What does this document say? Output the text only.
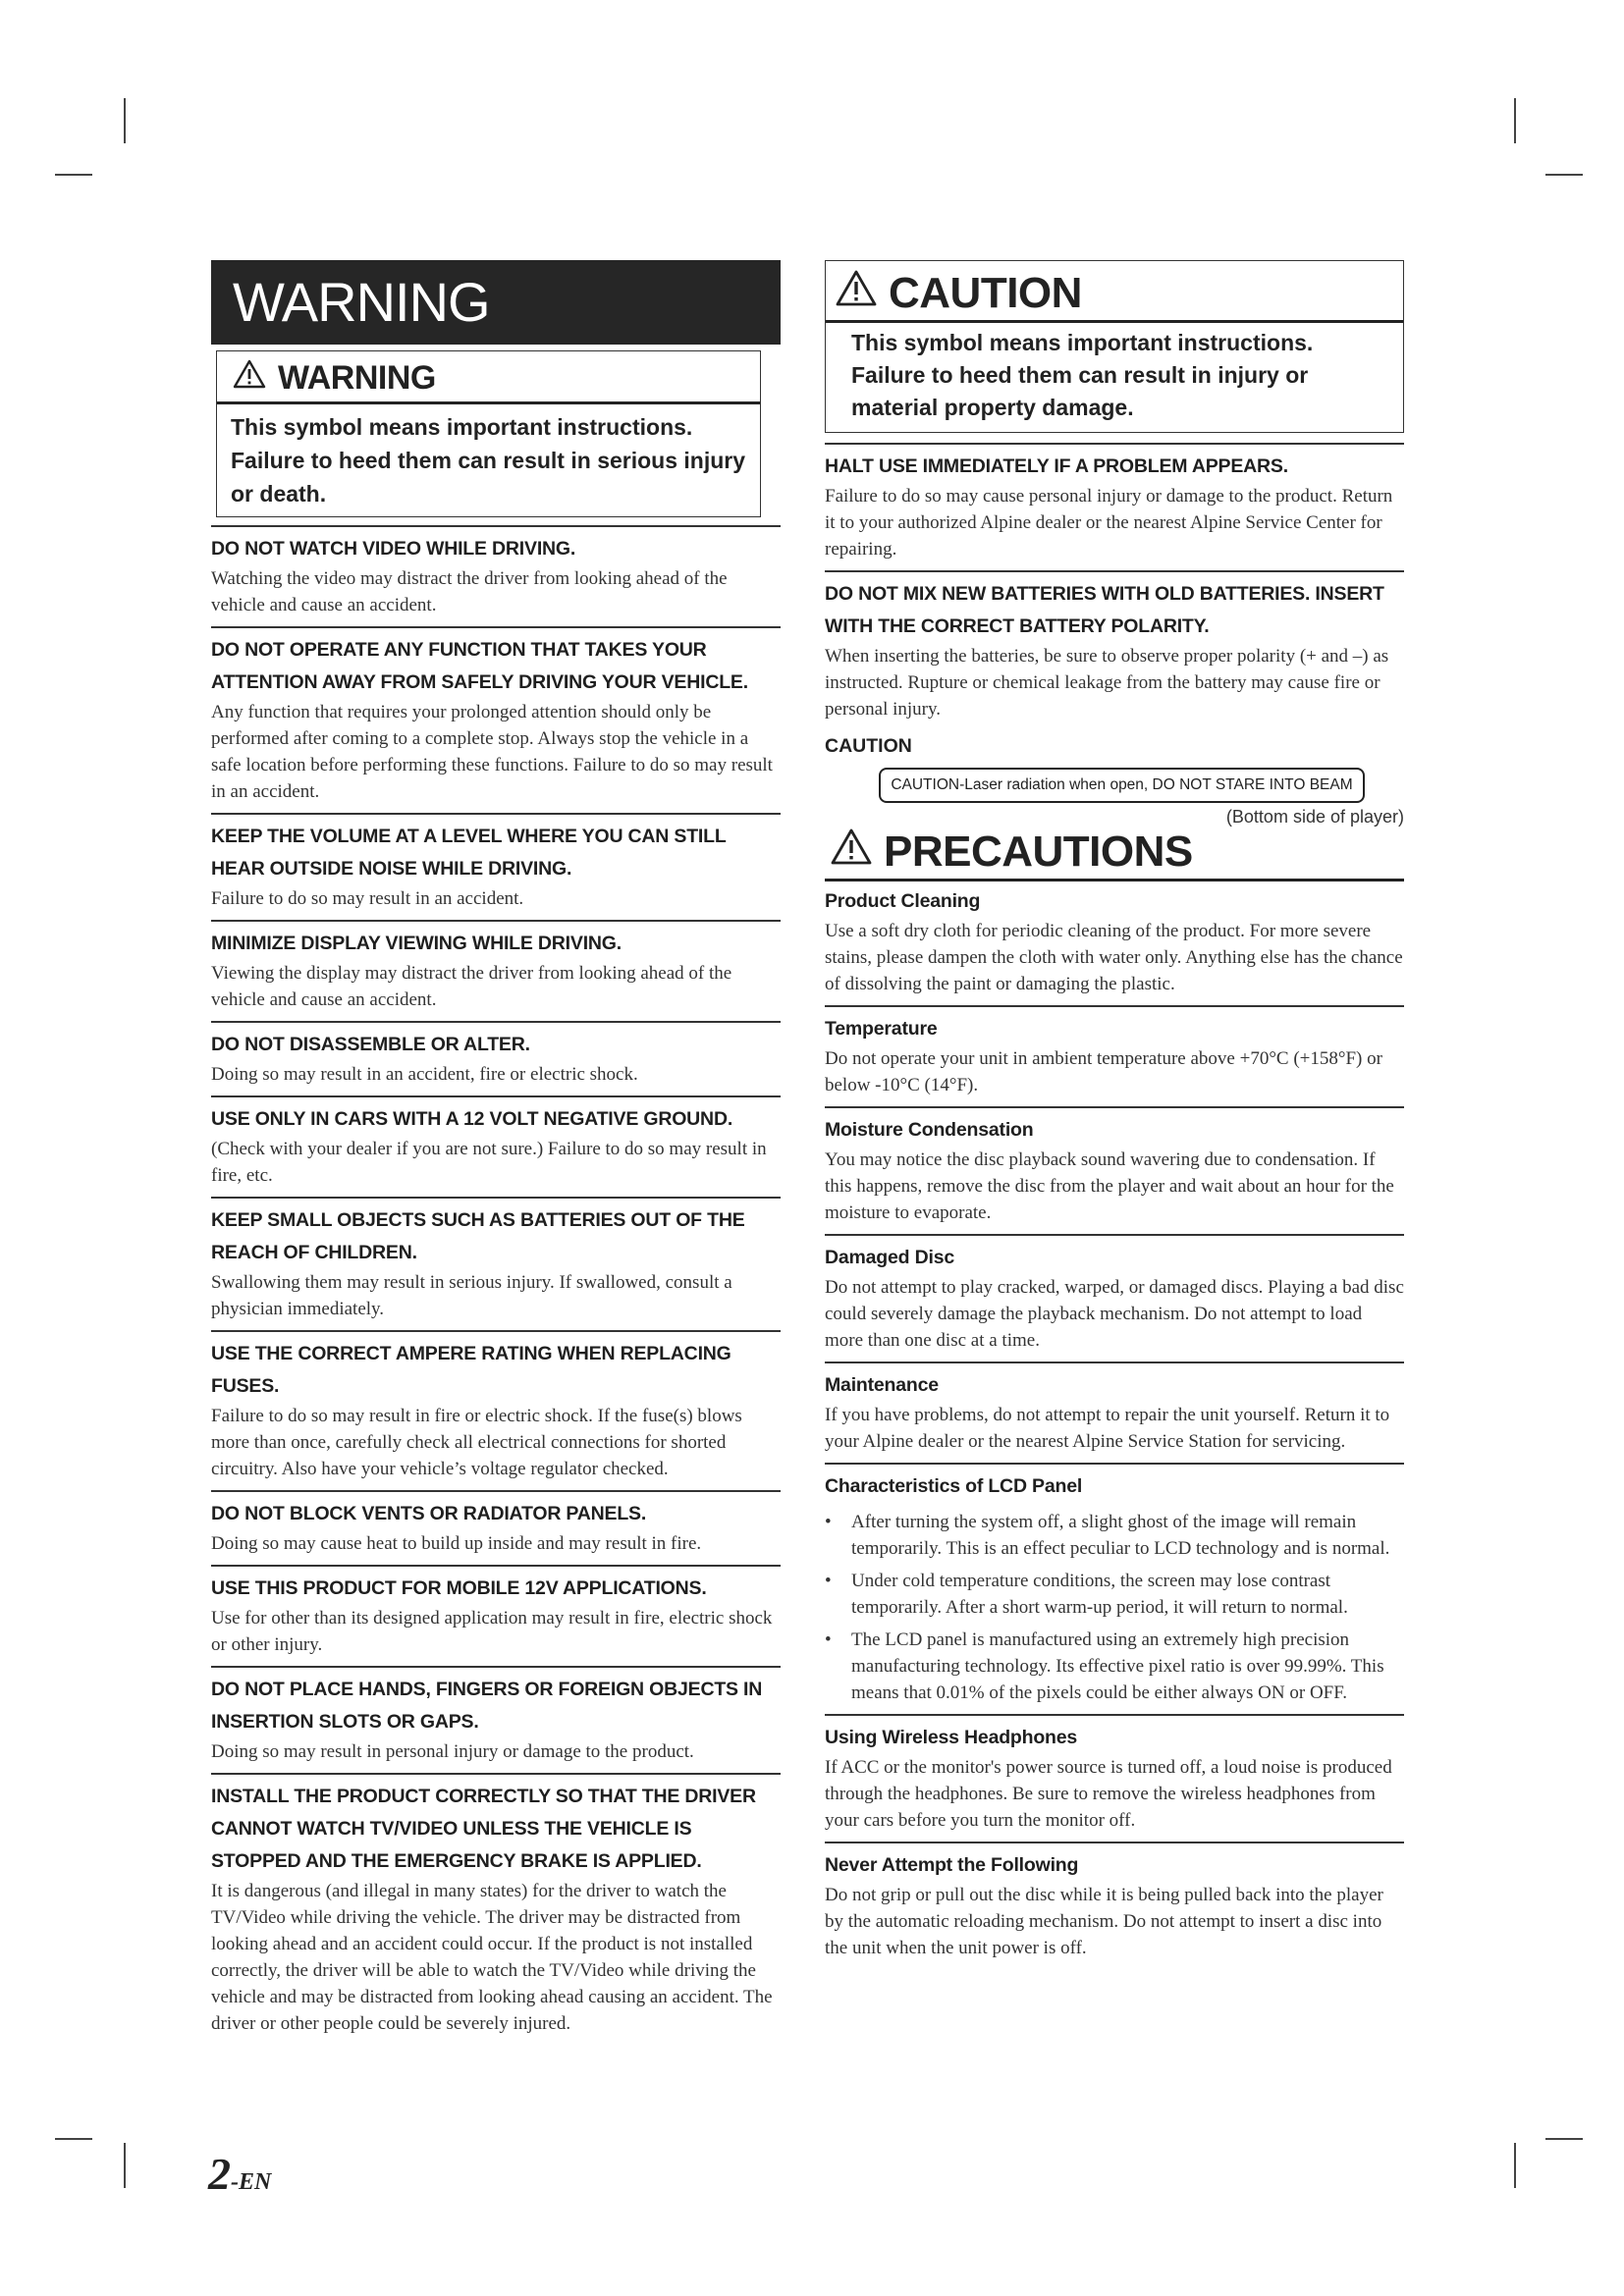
WARNING
WARNING
This symbol means important instructions. Failure to heed them can result in serious injury or death.
DO NOT WATCH VIDEO WHILE DRIVING.
Watching the video may distract the driver from looking ahead of the vehicle and cause an accident.
DO NOT OPERATE ANY FUNCTION THAT TAKES YOUR ATTENTION AWAY FROM SAFELY DRIVING YOUR VEHICLE.
Any function that requires your prolonged attention should only be performed after coming to a complete stop. Always stop the vehicle in a safe location before performing these functions. Failure to do so may result in an accident.
KEEP THE VOLUME AT A LEVEL WHERE YOU CAN STILL HEAR OUTSIDE NOISE WHILE DRIVING.
Failure to do so may result in an accident.
MINIMIZE DISPLAY VIEWING WHILE DRIVING.
Viewing the display may distract the driver from looking ahead of the vehicle and cause an accident.
DO NOT DISASSEMBLE OR ALTER.
Doing so may result in an accident, fire or electric shock.
USE ONLY IN CARS WITH A 12 VOLT NEGATIVE GROUND.
(Check with your dealer if you are not sure.) Failure to do so may result in fire, etc.
KEEP SMALL OBJECTS SUCH AS BATTERIES OUT OF THE REACH OF CHILDREN.
Swallowing them may result in serious injury. If swallowed, consult a physician immediately.
USE THE CORRECT AMPERE RATING WHEN REPLACING FUSES.
Failure to do so may result in fire or electric shock. If the fuse(s) blows more than once, carefully check all electrical connections for shorted circuitry. Also have your vehicle’s voltage regulator checked.
DO NOT BLOCK VENTS OR RADIATOR PANELS.
Doing so may cause heat to build up inside and may result in fire.
USE THIS PRODUCT FOR MOBILE 12V APPLICATIONS.
Use for other than its designed application may result in fire, electric shock or other injury.
DO NOT PLACE HANDS, FINGERS OR FOREIGN OBJECTS IN INSERTION SLOTS OR GAPS.
Doing so may result in personal injury or damage to the product.
INSTALL THE PRODUCT CORRECTLY SO THAT THE DRIVER CANNOT WATCH TV/VIDEO UNLESS THE VEHICLE IS STOPPED AND THE EMERGENCY BRAKE IS APPLIED.
It is dangerous (and illegal in many states) for the driver to watch the TV/Video while driving the vehicle. The driver may be distracted from looking ahead and an accident could occur. If the product is not installed correctly, the driver will be able to watch the TV/Video while driving the vehicle and may be distracted from looking ahead causing an accident. The driver or other people could be severely injured.
CAUTION
This symbol means important instructions. Failure to heed them can result in injury or material property damage.
HALT USE IMMEDIATELY IF A PROBLEM APPEARS.
Failure to do so may cause personal injury or damage to the product. Return it to your authorized Alpine dealer or the nearest Alpine Service Center for repairing.
DO NOT MIX NEW BATTERIES WITH OLD BATTERIES. INSERT WITH THE CORRECT BATTERY POLARITY.
When inserting the batteries, be sure to observe proper polarity (+ and –) as instructed. Rupture or chemical leakage from the battery may cause fire or personal injury.
CAUTION
CAUTION-Laser radiation when open, DO NOT STARE INTO BEAM
(Bottom side of player)
PRECAUTIONS
Product Cleaning
Use a soft dry cloth for periodic cleaning of the product. For more severe stains, please dampen the cloth with water only. Anything else has the chance of dissolving the paint or damaging the plastic.
Temperature
Do not operate your unit in ambient temperature above +70°C (+158°F) or below -10°C (14°F).
Moisture Condensation
You may notice the disc playback sound wavering due to condensation. If this happens, remove the disc from the player and wait about an hour for the moisture to evaporate.
Damaged Disc
Do not attempt to play cracked, warped, or damaged discs. Playing a bad disc could severely damage the playback mechanism. Do not attempt to load more than one disc at a time.
Maintenance
If you have problems, do not attempt to repair the unit yourself. Return it to your Alpine dealer or the nearest Alpine Service Station for servicing.
Characteristics of LCD Panel
• After turning the system off, a slight ghost of the image will remain temporarily. This is an effect peculiar to LCD technology and is normal.
• Under cold temperature conditions, the screen may lose contrast temporarily. After a short warm-up period, it will return to normal.
• The LCD panel is manufactured using an extremely high precision manufacturing technology. Its effective pixel ratio is over 99.99%. This means that 0.01% of the pixels could be either always ON or OFF.
Using Wireless Headphones
If ACC or the monitor's power source is turned off, a loud noise is produced through the headphones. Be sure to remove the wireless headphones from your cars before you turn the monitor off.
Never Attempt the Following
Do not grip or pull out the disc while it is being pulled back into the player by the automatic reloading mechanism. Do not attempt to insert a disc into the unit when the unit power is off.
2-EN
